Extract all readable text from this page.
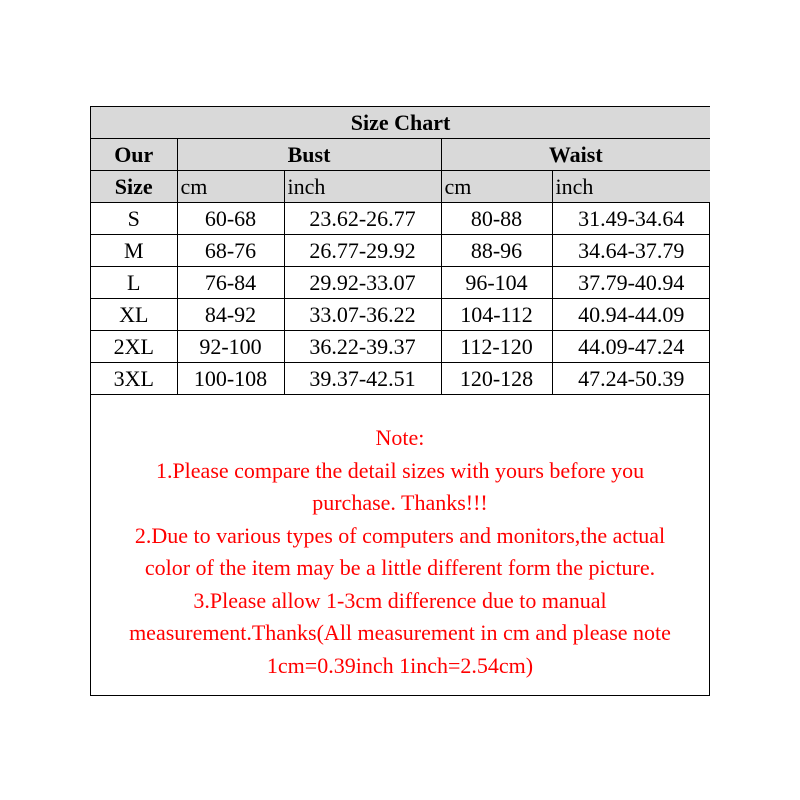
Size Chart				
Our	Bust		Waist	
Size	cm	inch	cm	inch
S	60-68	23.62-26.77	80-88	31.49-34.64
M	68-76	26.77-29.92	88-96	34.64-37.79
L	76-84	29.92-33.07	96-104	37.79-40.94
XL	84-92	33.07-36.22	104-112	40.94-44.09
2XL	92-100	36.22-39.37	112-120	44.09-47.24
3XL	100-108	39.37-42.51	120-128	47.24-50.39
Note:
1.Please compare the detail sizes with yours before you
purchase. Thanks!!!
2.Due to various types of computers and monitors,the actual
color of the item may be a little different form the picture.
3.Please allow 1-3cm difference due to manual
measurement.Thanks(All measurement in cm and please note
1cm=0.39inch 1inch=2.54cm)
